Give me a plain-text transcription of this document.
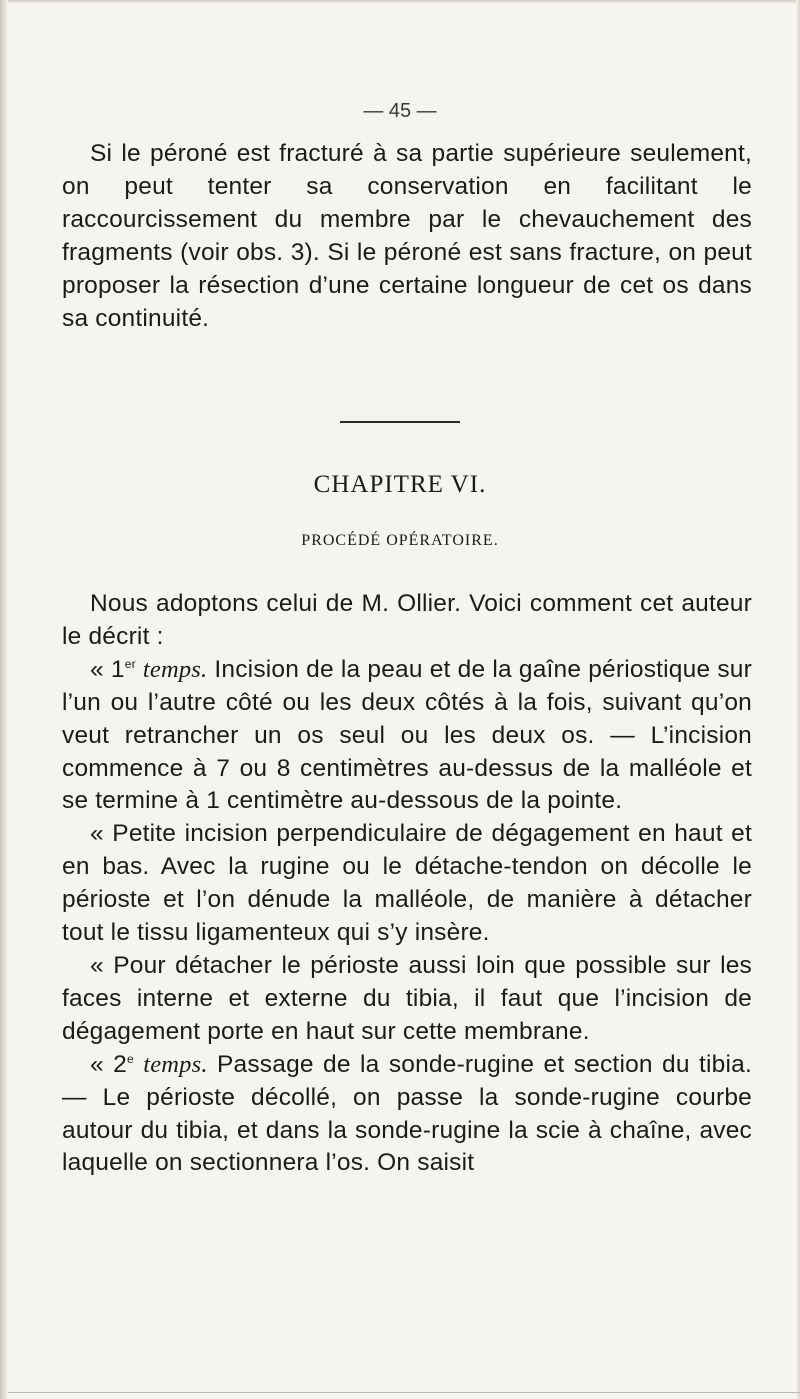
— 45 —

Si le péroné est fracturé à sa partie supérieure seulement, on peut tenter sa conservation en facilitant le raccourcissement du membre par le chevauchement des fragments (voir obs. 3). Si le péroné est sans fracture, on peut proposer la résection d’une certaine longueur de cet os dans sa continuité.

CHAPITRE VI.
PROCÉDÉ OPÉRATOIRE.

Nous adoptons celui de M. Ollier. Voici comment cet auteur le décrit :

« 1er temps. Incision de la peau et de la gaîne périostique sur l’un ou l’autre côté ou les deux côtés à la fois, suivant qu’on veut retrancher un os seul ou les deux os. — L’incision commence à 7 ou 8 centimètres au-dessus de la malléole et se termine à 1 centimètre au-dessous de la pointe.

« Petite incision perpendiculaire de dégagement en haut et en bas. Avec la rugine ou le détache-tendon on décolle le périoste et l’on dénude la malléole, de manière à détacher tout le tissu ligamenteux qui s’y insère.

« Pour détacher le périoste aussi loin que possible sur les faces interne et externe du tibia, il faut que l’incision de dégagement porte en haut sur cette membrane.

« 2e temps. Passage de la sonde-rugine et section du tibia. — Le périoste décollé, on passe la sonde-rugine courbe autour du tibia, et dans la sonde-rugine la scie à chaîne, avec laquelle on sectionnera l’os. On saisit
